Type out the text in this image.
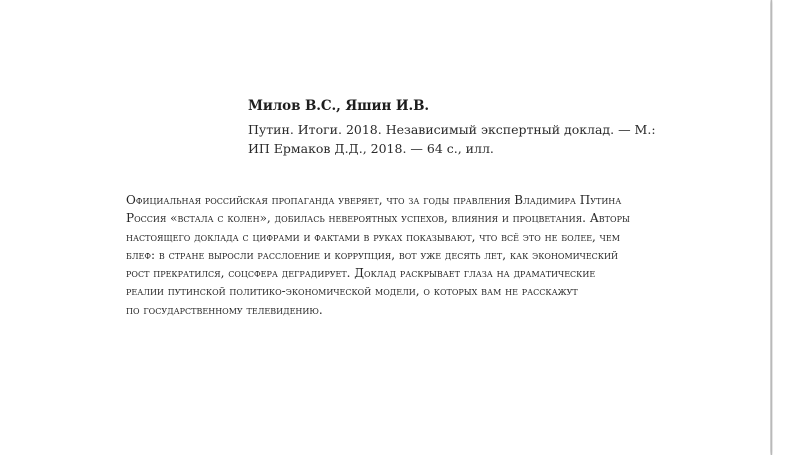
Милов В.С., Яшин И.В.

Путин. Итоги. 2018. Независимый экспертный доклад. — М.:

ИП Ермаков Д.Д., 2018. — 64 с., илл.

Официальная российская пропаганда уверяет, что за годы правления Владимира Путина
Россия «встала с колен», добилась невероятных успехов, влияния и процветания. Авторы
настоящего доклада с цифрами и фактами в руках показывают, что всё это не более, чем
блеф: в стране выросли расслоение и коррупция, вот уже десять лет, как экономический
рост прекратился, соцсфера деградирует. Доклад раскрывает глаза на драматические
реалии путинской политико-экономической модели, о которых вам не расскажут
по государственному телевидению.
